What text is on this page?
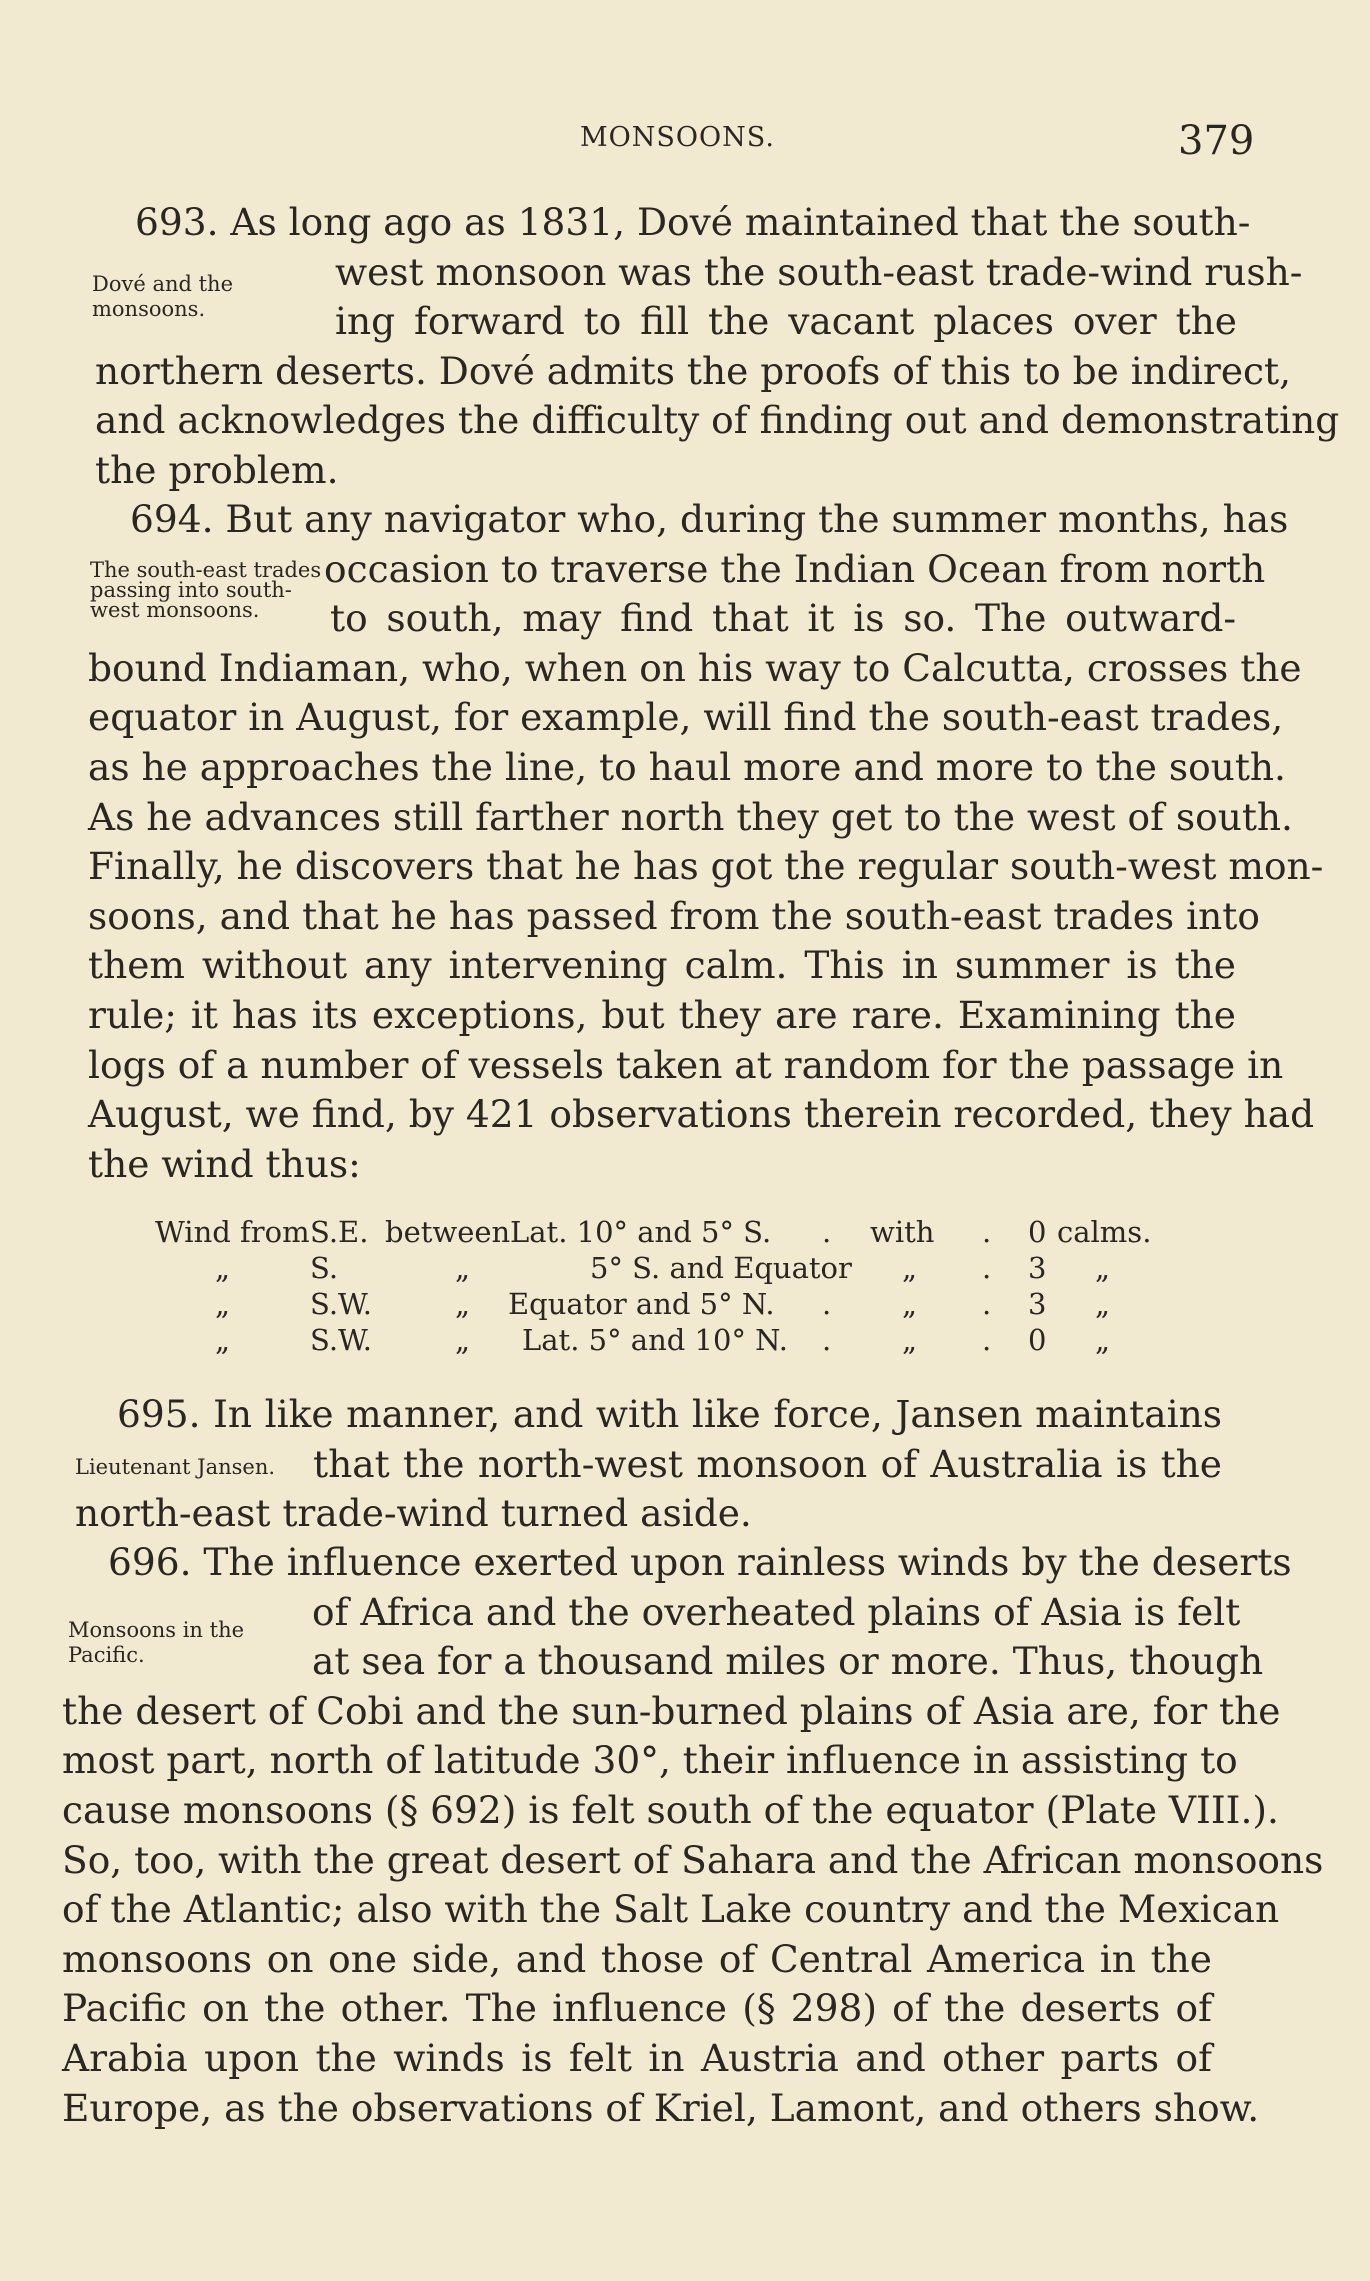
MONSOONS.	379
693. As long ago as 1831, Dové maintained that the south-
west monsoon was the south-east trade-wind rush-
ing forward to fill the vacant places over the
northern deserts. Dové admits the proofs of this to be indirect,
and acknowledges the difficulty of finding out and demonstrating
the problem.
694. But any navigator who, during the summer months, has
occasion to traverse the Indian Ocean from north
to south, may find that it is so. The outward-
bound Indiaman, who, when on his way to Calcutta, crosses the
equator in August, for example, will find the south-east trades,
as he approaches the line, to haul more and more to the south.
As he advances still farther north they get to the west of south.
Finally, he discovers that he has got the regular south-west mon-
soons, and that he has passed from the south-east trades into
them without any intervening calm. This in summer is the
rule; it has its exceptions, but they are rare. Examining the
logs of a number of vessels taken at random for the passage in
August, we find, by 421 observations therein recorded, they had
the wind thus:
Wind from S.E. between Lat. 10° and 5° S. . with . 0 calms.
„	S.	„	5° S. and Equator „ . 3 „
„	S.W.	„ Equator and 5° N. . „ . 3 „
„	S.W.	„ Lat. 5° and 10° N. . „ . 0 „
695. In like manner, and with like force, Jansen maintains
that the north-west monsoon of Australia is the
north-east trade-wind turned aside.
696. The influence exerted upon rainless winds by the deserts
of Africa and the overheated plains of Asia is felt
at sea for a thousand miles or more. Thus, though
the desert of Cobi and the sun-burned plains of Asia are, for the
most part, north of latitude 30°, their influence in assisting to
cause monsoons (§ 692) is felt south of the equator (Plate VIII.).
So, too, with the great desert of Sahara and the African monsoons
of the Atlantic; also with the Salt Lake country and the Mexican
monsoons on one side, and those of Central America in the
Pacific on the other. The influence (§ 298) of the deserts of
Arabia upon the winds is felt in Austria and other parts of
Europe, as the observations of Kriel, Lamont, and others show.
Dové and the
monsoons.
The south-east trades
passing into south-
west monsoons.
Lieutenant Jansen.
Monsoons in the
Pacific.
